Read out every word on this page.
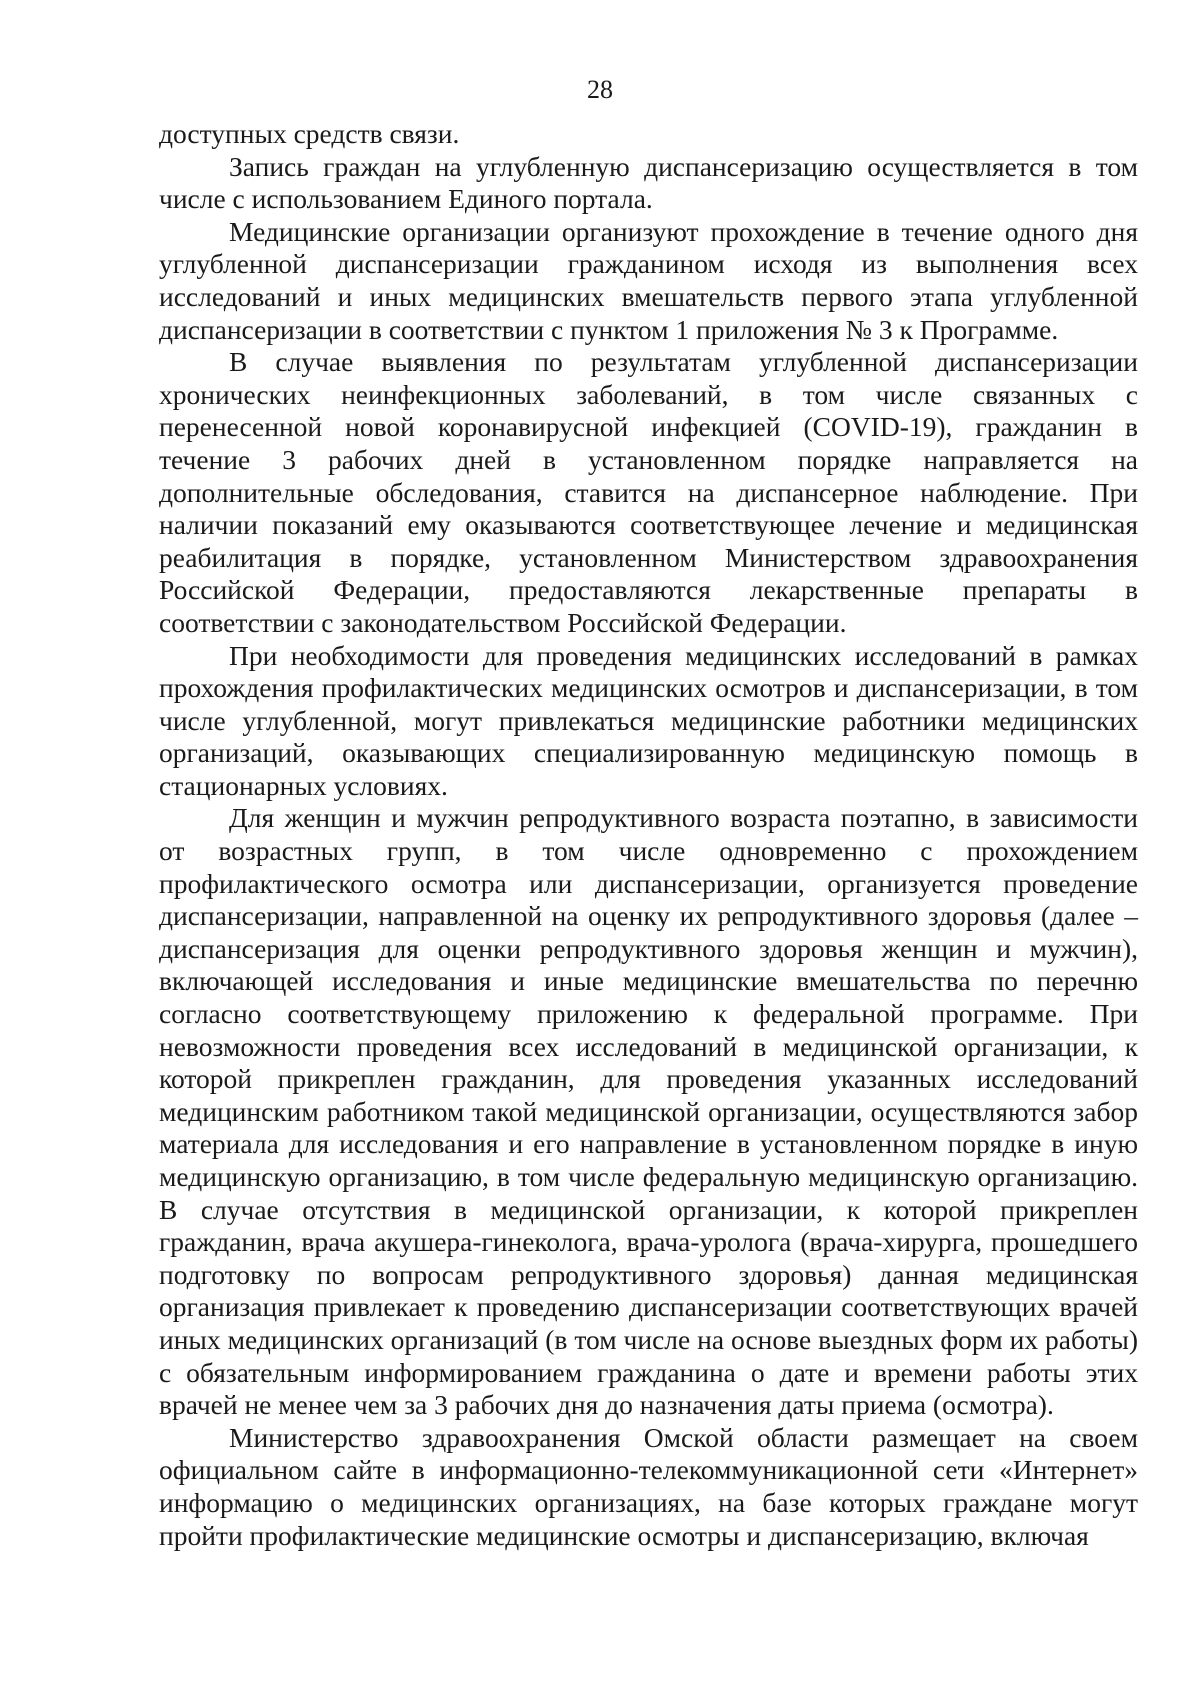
28

доступных средств связи.

Запись граждан на углубленную диспансеризацию осуществляется в том числе с использованием Единого портала.

Медицинские организации организуют прохождение в течение одного дня углубленной диспансеризации гражданином исходя из выполнения всех исследований и иных медицинских вмешательств первого этапа углубленной диспансеризации в соответствии с пунктом 1 приложения № 3 к Программе.

В случае выявления по результатам углубленной диспансеризации хронических неинфекционных заболеваний, в том числе связанных с перенесенной новой коронавирусной инфекцией (COVID-19), гражданин в течение 3 рабочих дней в установленном порядке направляется на дополнительные обследования, ставится на диспансерное наблюдение. При наличии показаний ему оказываются соответствующее лечение и медицинская реабилитация в порядке, установленном Министерством здравоохранения Российской Федерации, предоставляются лекарственные препараты в соответствии с законодательством Российской Федерации.

При необходимости для проведения медицинских исследований в рамках прохождения профилактических медицинских осмотров и диспансеризации, в том числе углубленной, могут привлекаться медицинские работники медицинских организаций, оказывающих специализированную медицинскую помощь в стационарных условиях.

Для женщин и мужчин репродуктивного возраста поэтапно, в зависимости от возрастных групп, в том числе одновременно с прохождением профилактического осмотра или диспансеризации, организуется проведение диспансеризации, направленной на оценку их репродуктивного здоровья (далее – диспансеризация для оценки репродуктивного здоровья женщин и мужчин), включающей исследования и иные медицинские вмешательства по перечню согласно соответствующему приложению к федеральной программе. При невозможности проведения всех исследований в медицинской организации, к которой прикреплен гражданин, для проведения указанных исследований медицинским работником такой медицинской организации, осуществляются забор материала для исследования и его направление в установленном порядке в иную медицинскую организацию, в том числе федеральную медицинскую организацию. В случае отсутствия в медицинской организации, к которой прикреплен гражданин, врача акушера-гинеколога, врача-уролога (врача-хирурга, прошедшего подготовку по вопросам репродуктивного здоровья) данная медицинская организация привлекает к проведению диспансеризации соответствующих врачей иных медицинских организаций (в том числе на основе выездных форм их работы) с обязательным информированием гражданина о дате и времени работы этих врачей не менее чем за 3 рабочих дня до назначения даты приема (осмотра).

Министерство здравоохранения Омской области размещает на своем официальном сайте в информационно-телекоммуникационной сети «Интернет» информацию о медицинских организациях, на базе которых граждане могут пройти профилактические медицинские осмотры и диспансеризацию, включая
